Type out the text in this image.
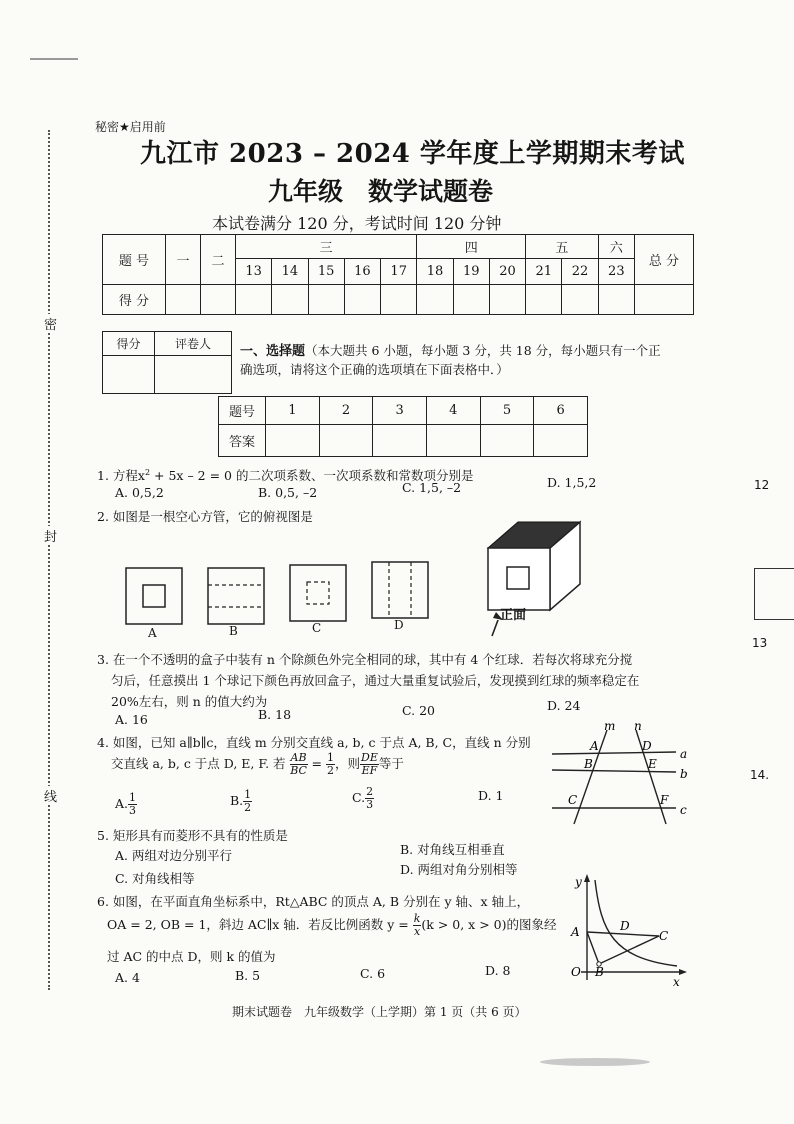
密
封
线
12
13
14.
秘密★启用前
九江市 2023 – 2024 学年度上学期期末考试
九年级　数学试题卷
本试卷满分 120 分，考试时间 120 分钟
题 号	一	二	三					四			五		六	总 分
			13	14	15	16	17	18	19	20	21	22	23	
得 分														
得分	评卷人
	一、选择题（本大题共 6 小题，每小题 3 分，共 18 分，每小题只有一个正
确选项，请将这个正确的选项填在下面表格中．）
题号	1	2	3	4	5	6
答案						
1. 方程$x^2 + 5x - 2 = 0$ 的二次项系数、一次项系数和常数项分别是
A. 0,5,2	B. 0,5, –2	C. 1,5, –2	D. 1,5,2
2. 如图是一根空心方管，它的俯视图是
A	B	C	D
正面
3. 在一个不透明的盒子中装有 n 个除颜色外完全相同的球，其中有 4 个红球．若每次将球充分搅
匀后，任意摸出 1 个球记下颜色再放回盒子，通过大量重复试验后，发现摸到红球的频率稳定在
20%左右，则 n 的值大约为
A. 16	B. 18	C. 20	D. 24
4. 如图，已知 a∥b∥c，直线 m 分别交直线 a, b, c 于点 A, B, C，直线 n 分别
交直线 a, b, c 于点 D, E, F. 若 $\frac{AB}{BC} = \frac{1}{2}$ ，则 $\frac{DE}{EF}$ 等于
A. $\frac{1}{3}$	B. $\frac{1}{2}$	C. $\frac{2}{3}$	D. 1
m n
a
b
c
A
B
C
D
E
F
5. 矩形具有而菱形不具有的性质是
A. 两组对边分别平行	B. 对角线互相垂直
C. 对角线相等
D. 两组对角分别相等
6. 如图，在平面直角坐标系中，Rt△ABC 的顶点 A, B 分别在 y 轴、x 轴上，
OA = 2, OB = 1，斜边 AC∥x 轴．若反比例函数 $y = \frac{k}{x} (k > 0$, x > 0)的图象经
过 AC 的中点 D，则 k 的值为
A. 4	B. 5	C. 6	D. 8
y
x
A	C
D
O B
期末试题卷　九年级数学（上学期）第 1 页（共 6 页）
